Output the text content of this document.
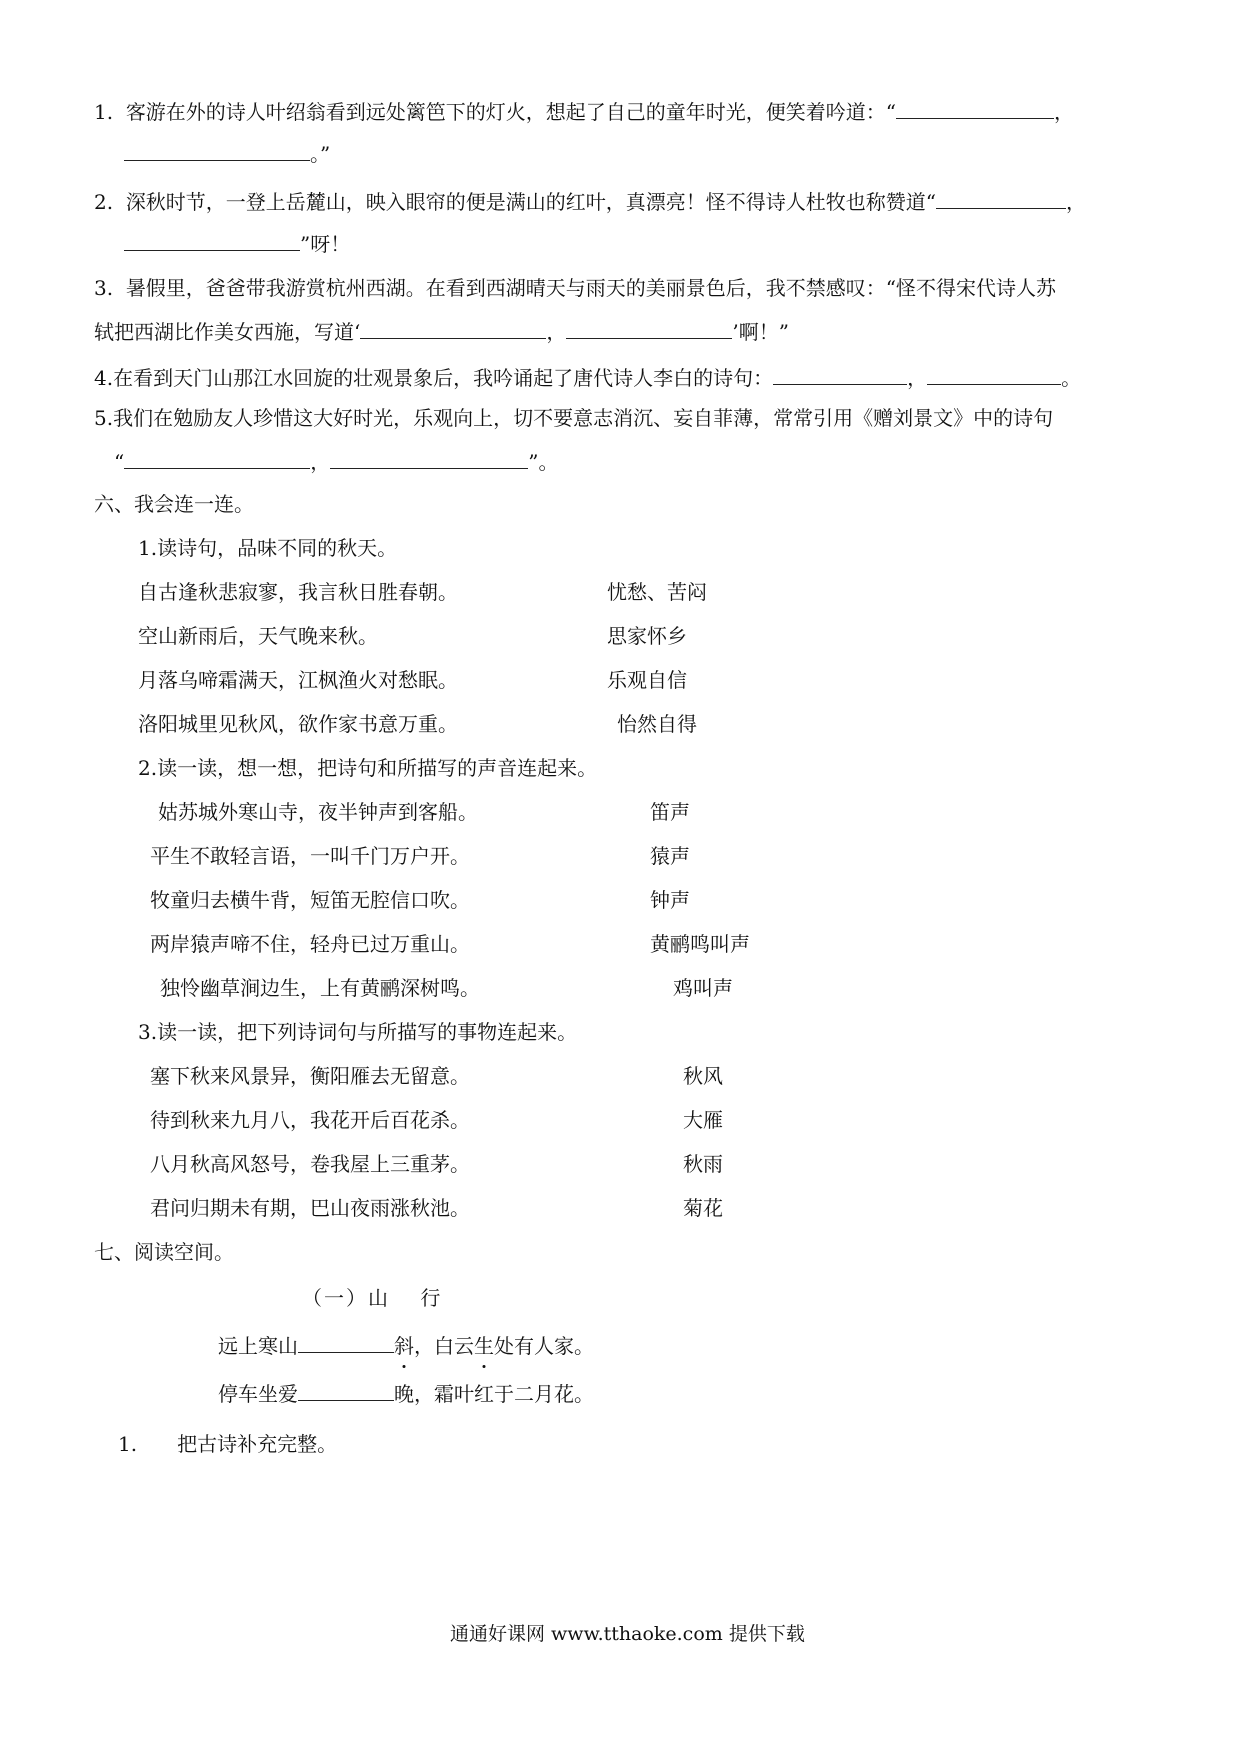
1. 客游在外的诗人叶绍翁看到远处篱笆下的灯火，想起了自己的童年时光，便笑着吟道：“	，
。”
2. 深秋时节，一登上岳麓山，映入眼帘的便是满山的红叶，真漂亮！怪不得诗人杜牧也称赞道“	，
”呀！
3. 暑假里，爸爸带我游赏杭州西湖。在看到西湖晴天与雨天的美丽景色后，我不禁感叹：“怪不得宋代诗人苏
轼把西湖比作美女西施，写道‘	，	’啊！”
4.在看到天门山那江水回旋的壮观景象后，我吟诵起了唐代诗人李白的诗句：	，	。
5.我们在勉励友人珍惜这大好时光，乐观向上，切不要意志消沉、妄自菲薄，常常引用《赠刘景文》中的诗句
“	，	”。
六、我会连一连。
1.读诗句，品味不同的秋天。
自古逢秋悲寂寥，我言秋日胜春朝。	忧愁、苦闷
空山新雨后，天气晚来秋。	思家怀乡
月落乌啼霜满天，江枫渔火对愁眠。	乐观自信
洛阳城里见秋风，欲作家书意万重。	怡然自得
2.读一读，想一想，把诗句和所描写的声音连起来。
姑苏城外寒山寺，夜半钟声到客船。	笛声
平生不敢轻言语，一叫千门万户开。	猿声
牧童归去横牛背，短笛无腔信口吹。	钟声
两岸猿声啼不住，轻舟已过万重山。	黄鹂鸣叫声
独怜幽草涧边生，上有黄鹂深树鸣。	鸡叫声
3.读一读，把下列诗词句与所描写的事物连起来。
塞下秋来风景异，衡阳雁去无留意。	秋风
待到秋来九月八，我花开后百花杀。	大雁
八月秋高风怒号，卷我屋上三重茅。	秋雨
君问归期未有期，巴山夜雨涨秋池。	菊花
七、阅读空间。
（一）山　 行
远上寒山	斜，白云生处有人家。
停车坐爱	晚，霜叶红于二月花。
1. 把古诗补充完整。
通通好课网 www.tthaoke.com 提供下载
